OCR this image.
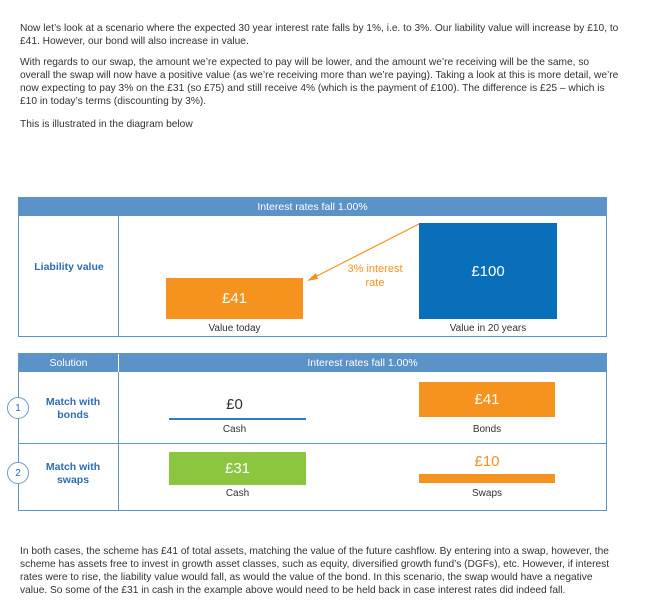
Now let’s look at a scenario where the expected 30 year interest rate falls by 1%, i.e. to 3%. Our liability value will increase by £10, to £41. However, our bond will also increase in value.

With regards to our swap, the amount we’re expected to pay will be lower, and the amount we’re receiving will be the same, so overall the swap will now have a positive value (as we’re receiving more than we’re paying). Taking a look at this is more detail, we’re now expecting to pay 3% on the £31 (so £75) and still receive 4% (which is the payment of £100). The difference is £25 – which is £10 in today’s terms (discounting by 3%).

This is illustrated in the diagram below

Interest rates fall 1.00%
Liability value
£41
Value today
3% interest rate
£100
Value in 20 years
Solution	Interest rates fall 1.00%
Match with bonds
£0
Cash
£41
Bonds
Match with swaps
£31
Cash
£10
Swaps
1
2

In both cases, the scheme has £41 of total assets, matching the value of the future cashflow. By entering into a swap, however, the scheme has assets free to invest in growth asset classes, such as equity, diversified growth fund’s (DGFs), etc. However, if interest rates were to rise, the liability value would fall, as would the value of the bond. In this scenario, the swap would have a negative value. So some of the £31 in cash in the example above would need to be held back in case interest rates did indeed fall.
